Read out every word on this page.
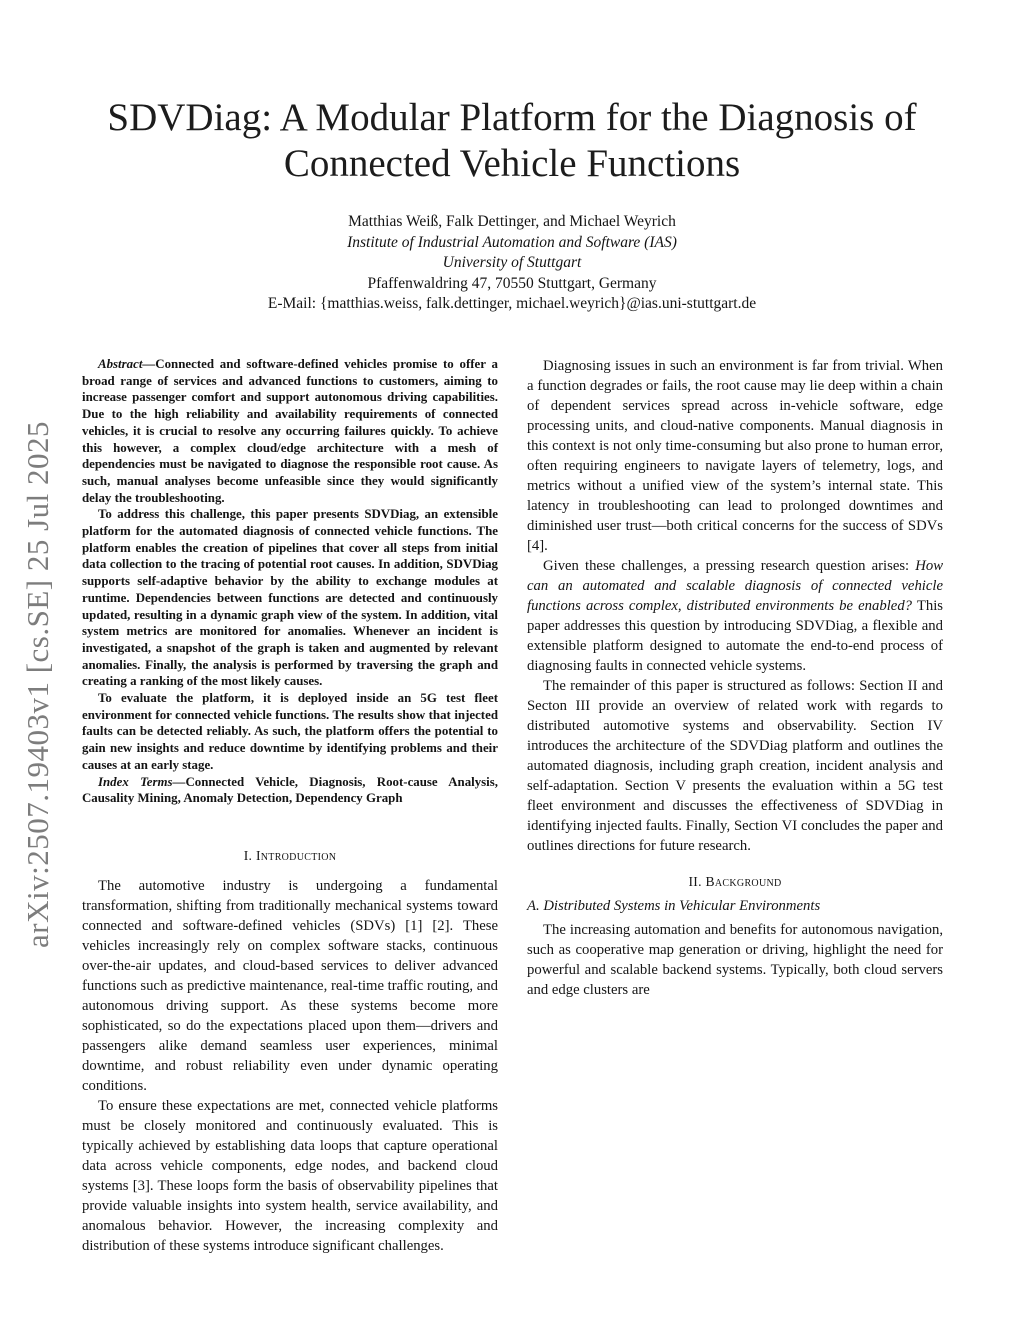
arXiv:2507.19403v1 [cs.SE] 25 Jul 2025
SDVDiag: A Modular Platform for the Diagnosis of
Connected Vehicle Functions
Matthias Weiß, Falk Dettinger, and Michael Weyrich
Institute of Industrial Automation and Software (IAS)
University of Stuttgart
Pfaffenwaldring 47, 70550 Stuttgart, Germany
E-Mail: {matthias.weiss, falk.dettinger, michael.weyrich}@ias.uni-stuttgart.de

Abstract—Connected and software-defined vehicles promise to offer a broad range of services and advanced functions to customers, aiming to increase passenger comfort and support autonomous driving capabilities. Due to the high reliability and availability requirements of connected vehicles, it is crucial to resolve any occurring failures quickly. To achieve this however, a complex cloud/edge architecture with a mesh of dependencies must be navigated to diagnose the responsible root cause. As such, manual analyses become unfeasible since they would significantly delay the troubleshooting.

To address this challenge, this paper presents SDVDiag, an extensible platform for the automated diagnosis of connected vehicle functions. The platform enables the creation of pipelines that cover all steps from initial data collection to the tracing of potential root causes. In addition, SDVDiag supports self-adaptive behavior by the ability to exchange modules at runtime. Dependencies between functions are detected and continuously updated, resulting in a dynamic graph view of the system. In addition, vital system metrics are monitored for anomalies. Whenever an incident is investigated, a snapshot of the graph is taken and augmented by relevant anomalies. Finally, the analysis is performed by traversing the graph and creating a ranking of the most likely causes.

To evaluate the platform, it is deployed inside an 5G test fleet environment for connected vehicle functions. The results show that injected faults can be detected reliably. As such, the platform offers the potential to gain new insights and reduce downtime by identifying problems and their causes at an early stage.

Index Terms—Connected Vehicle, Diagnosis, Root-cause Analysis, Causality Mining, Anomaly Detection, Dependency Graph

I. Introduction

The automotive industry is undergoing a fundamental transformation, shifting from traditionally mechanical systems toward connected and software-defined vehicles (SDVs) [1] [2]. These vehicles increasingly rely on complex software stacks, continuous over-the-air updates, and cloud-based services to deliver advanced functions such as predictive maintenance, real-time traffic routing, and autonomous driving support. As these systems become more sophisticated, so do the expectations placed upon them—drivers and passengers alike demand seamless user experiences, minimal downtime, and robust reliability even under dynamic operating conditions.

To ensure these expectations are met, connected vehicle platforms must be closely monitored and continuously evaluated. This is typically achieved by establishing data loops that capture operational data across vehicle components, edge nodes, and backend cloud systems [3]. These loops form the basis of observability pipelines that provide valuable insights into system health, service availability, and anomalous behavior. However, the increasing complexity and distribution of these systems introduce significant challenges.

Diagnosing issues in such an environment is far from trivial. When a function degrades or fails, the root cause may lie deep within a chain of dependent services spread across in-vehicle software, edge processing units, and cloud-native components. Manual diagnosis in this context is not only time-consuming but also prone to human error, often requiring engineers to navigate layers of telemetry, logs, and metrics without a unified view of the system’s internal state. This latency in troubleshooting can lead to prolonged downtimes and diminished user trust—both critical concerns for the success of SDVs [4].

Given these challenges, a pressing research question arises: How can an automated and scalable diagnosis of connected vehicle functions across complex, distributed environments be enabled? This paper addresses this question by introducing SDVDiag, a flexible and extensible platform designed to automate the end-to-end process of diagnosing faults in connected vehicle systems.

The remainder of this paper is structured as follows: Section II and Secton III provide an overview of related work with regards to distributed automotive systems and observability. Section IV introduces the architecture of the SDVDiag platform and outlines the automated diagnosis, including graph creation, incident analysis and self-adaptation. Section V presents the evaluation within a 5G test fleet environment and discusses the effectiveness of SDVDiag in identifying injected faults. Finally, Section VI concludes the paper and outlines directions for future research.

II. Background

A. Distributed Systems in Vehicular Environments

The increasing automation and benefits for autonomous navigation, such as cooperative map generation or driving, highlight the need for powerful and scalable backend systems. Typically, both cloud servers and edge clusters are
